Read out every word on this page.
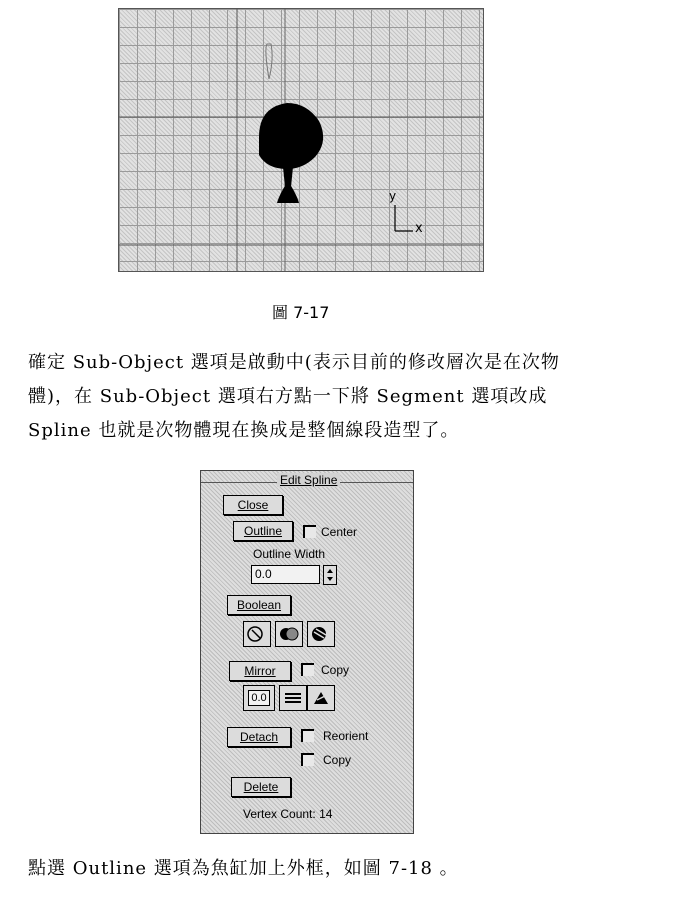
y
x
圖 7-17
確定 Sub-Object 選項是啟動中(表示目前的修改層次是在次物
體)，在 Sub-Object 選項右方點一下將 Segment 選項改成
Spline 也就是次物體現在換成是整個線段造型了。
Edit Spline
Close
Outline	Center
Outline Width
0.0
Boolean
Mirror	Copy
0.0
Detach	Reorient
Copy
Delete
Vertex Count: 14
點選 Outline 選項為魚缸加上外框，如圖 7-18 。
